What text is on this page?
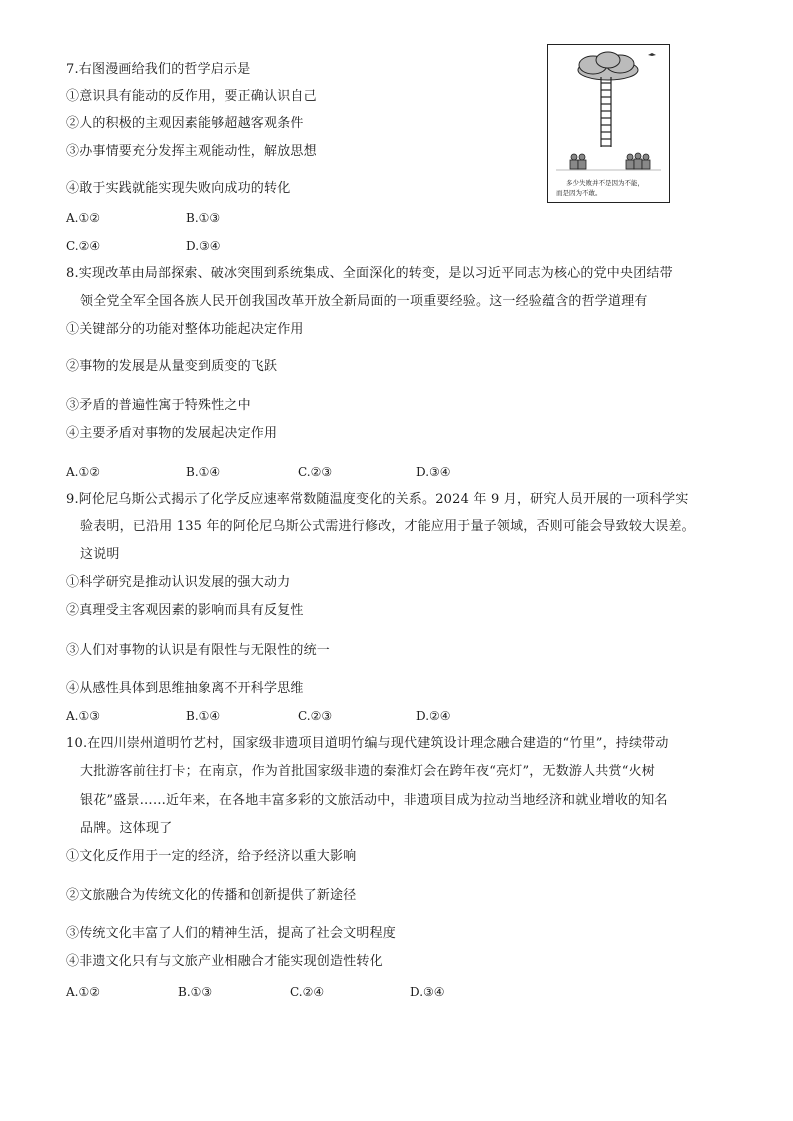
7.右图漫画给我们的哲学启示是
①意识具有能动的反作用，要正确认识自己
②人的积极的主观因素能够超越客观条件
③办事情要充分发挥主观能动性，解放思想
④敢于实践就能实现失败向成功的转化
A.①②	B.①③
C.②④	D.③④
多少失败并不是因为不能，
而是因为不敢。
8.实现改革由局部探索、破冰突围到系统集成、全面深化的转变，是以习近平同志为核心的党中央团结带
领全党全军全国各族人民开创我国改革开放全新局面的一项重要经验。这一经验蕴含的哲学道理有
①关键部分的功能对整体功能起决定作用
②事物的发展是从量变到质变的飞跃
③矛盾的普遍性寓于特殊性之中
④主要矛盾对事物的发展起决定作用
A.①②	B.①④	C.②③	D.③④
9.阿伦尼乌斯公式揭示了化学反应速率常数随温度变化的关系。2024 年 9 月，研究人员开展的一项科学实
验表明，已沿用 135 年的阿伦尼乌斯公式需进行修改，才能应用于量子领域，否则可能会导致较大误差。
这说明
①科学研究是推动认识发展的强大动力
②真理受主客观因素的影响而具有反复性
③人们对事物的认识是有限性与无限性的统一
④从感性具体到思维抽象离不开科学思维
A.①③	B.①④	C.②③	D.②④
10.在四川崇州道明竹艺村，国家级非遗项目道明竹编与现代建筑设计理念融合建造的“竹里”，持续带动
大批游客前往打卡；在南京，作为首批国家级非遗的秦淮灯会在跨年夜“亮灯”，无数游人共赏“火树
银花”盛景……近年来，在各地丰富多彩的文旅活动中，非遗项目成为拉动当地经济和就业增收的知名
品牌。这体现了
①文化反作用于一定的经济，给予经济以重大影响
②文旅融合为传统文化的传播和创新提供了新途径
③传统文化丰富了人们的精神生活，提高了社会文明程度
④非遗文化只有与文旅产业相融合才能实现创造性转化
A.①②	B.①③	C.②④	D.③④
